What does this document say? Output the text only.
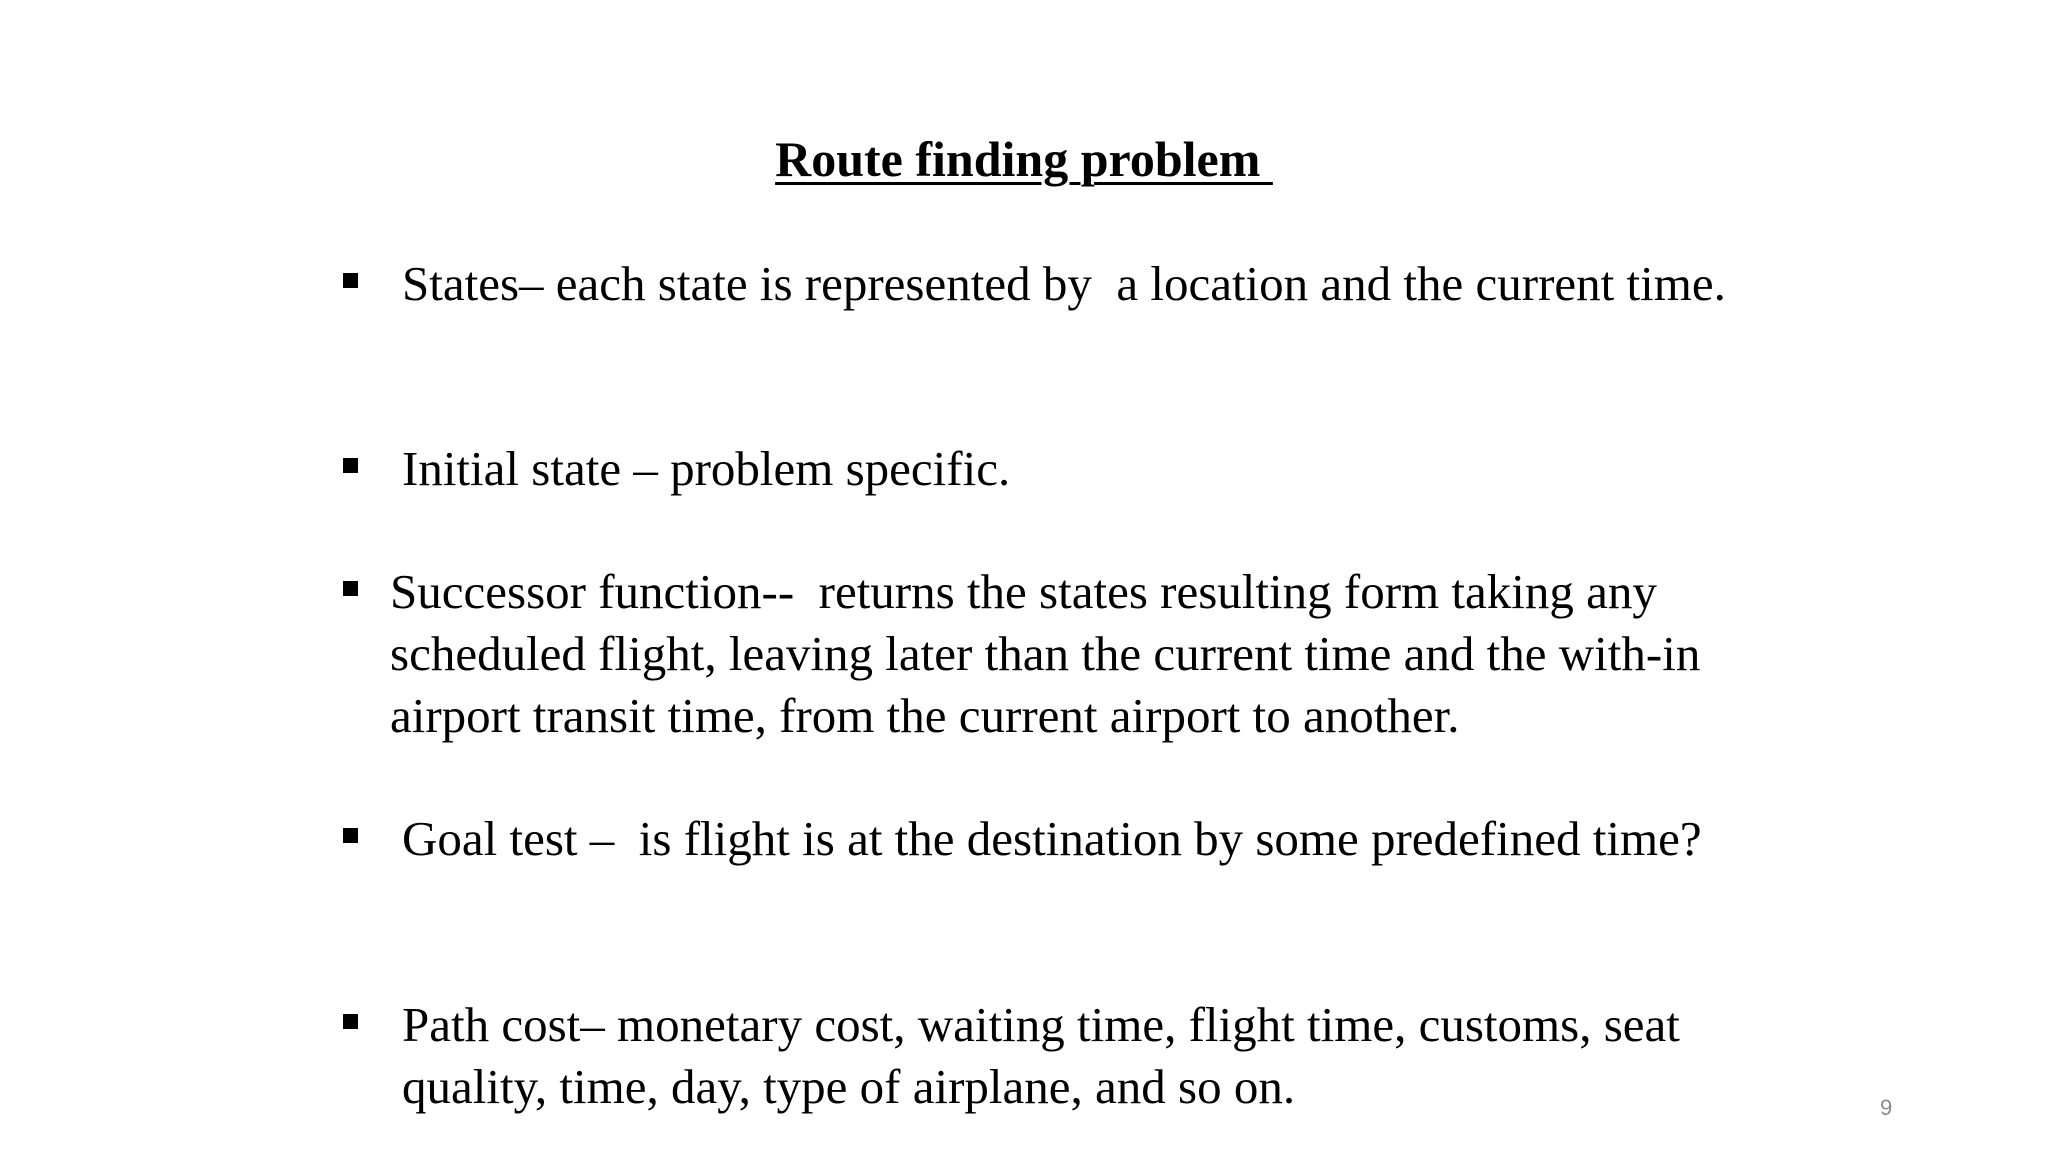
Route finding problem
States– each state is represented by  a location and the current time.
Initial state – problem specific.
Successor function--  returns the states resulting form taking any scheduled flight, leaving later than the current time and the with-in airport transit time, from the current airport to another.
Goal test –  is flight is at the destination by some predefined time?
Path cost– monetary cost, waiting time, flight time, customs, seat quality, time, day, type of airplane, and so on.	9
